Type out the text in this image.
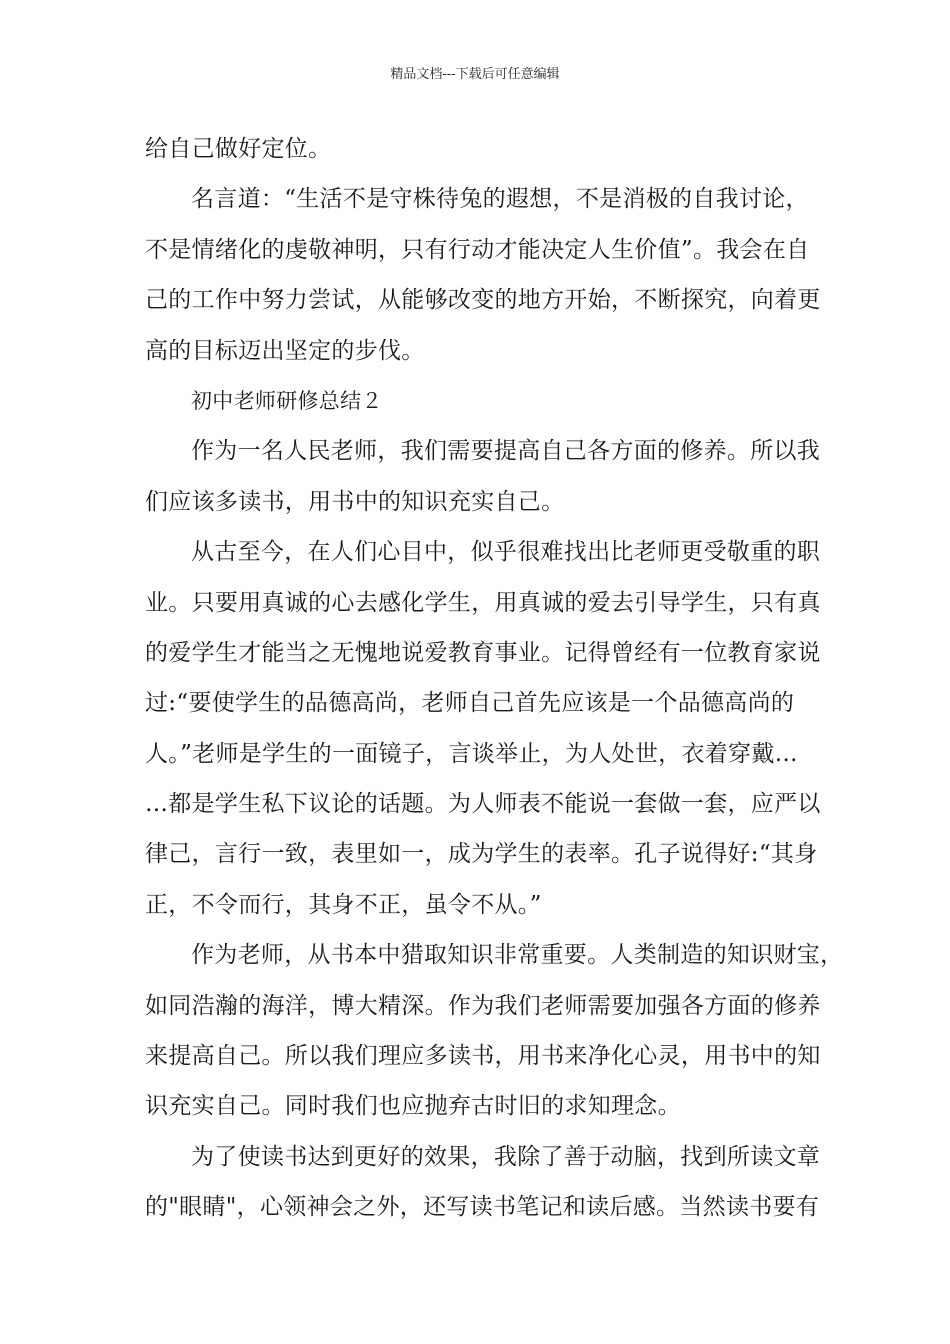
精品文档---下载后可任意编辑
给自己做好定位。
名言道：“生活不是守株待兔的遐想，不是消极的自我讨论，
不是情绪化的虔敬神明，只有行动才能决定人生价值”。我会在自
己的工作中努力尝试，从能够改变的地方开始，不断探究，向着更
高的目标迈出坚定的步伐。
初中老师研修总结２
作为一名人民老师，我们需要提高自己各方面的修养。所以我
们应该多读书，用书中的知识充实自己。
从古至今，在人们心目中，似乎很难找出比老师更受敬重的职
业。只要用真诚的心去感化学生，用真诚的爱去引导学生，只有真
的爱学生才能当之无愧地说爱教育事业。记得曾经有一位教育家说
过:“要使学生的品德高尚，老师自己首先应该是一个品德高尚的
人。”老师是学生的一面镜子，言谈举止，为人处世，衣着穿戴…
…都是学生私下议论的话题。为人师表不能说一套做一套，应严以
律己，言行一致，表里如一，成为学生的表率。孔子说得好:“其身
正，不令而行，其身不正，虽令不从。”
作为老师，从书本中猎取知识非常重要。人类制造的知识财宝，
如同浩瀚的海洋，博大精深。作为我们老师需要加强各方面的修养
来提高自己。所以我们理应多读书，用书来净化心灵，用书中的知
识充实自己。同时我们也应抛弃古时旧的求知理念。
为了使读书达到更好的效果，我除了善于动脑，找到所读文章
的"眼睛"，心领神会之外，还写读书笔记和读后感。当然读书要有
